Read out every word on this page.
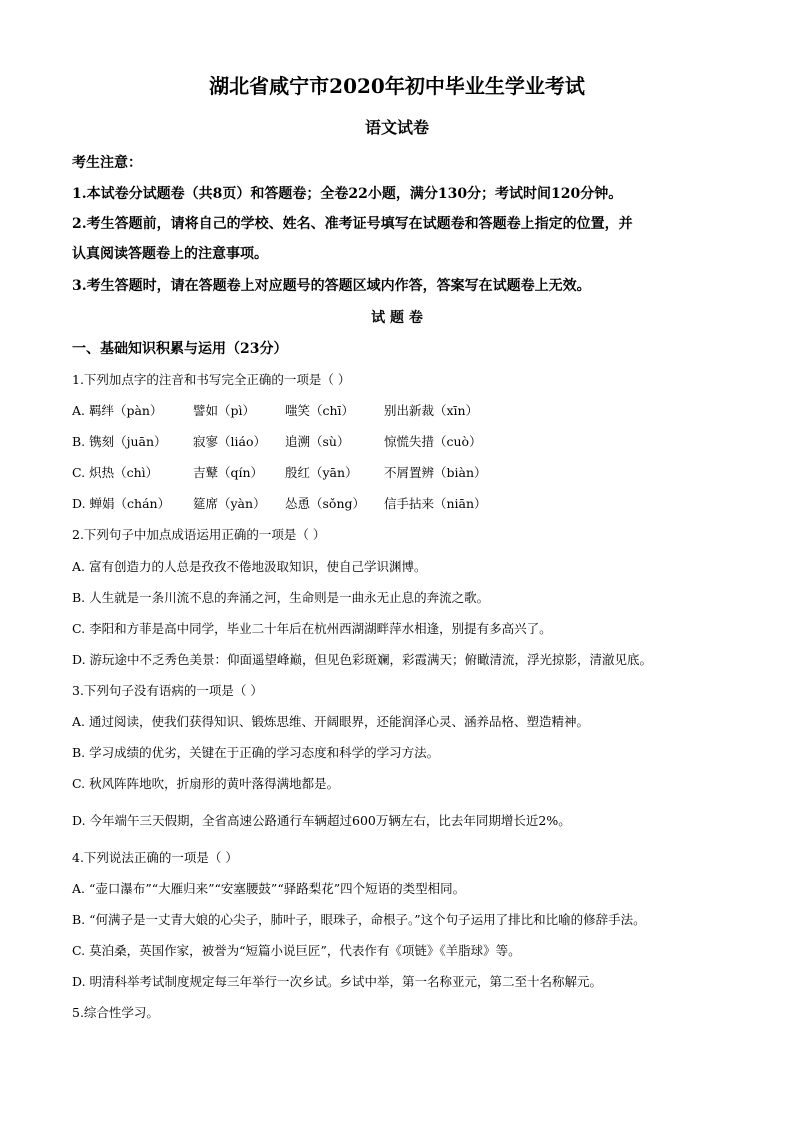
湖北省咸宁市2020年初中毕业生学业考试
语文试卷
考生注意：
1.本试卷分试题卷（共8页）和答题卷；全卷22小题，满分130分；考试时间120分钟。
2.考生答题前，请将自己的学校、姓名、准考证号填写在试题卷和答题卷上指定的位置，并
认真阅读答题卷上的注意事项。
3.考生答题时，请在答题卷上对应题号的答题区域内作答，答案写在试题卷上无效。
试 题 卷
一、基础知识积累与运用（23分）
1.下列加点字的注音和书写完全正确的一项是（ ）
A. 羁绊（pàn） 譬如（pì） 嗤笑（chī） 别出新裁（xīn）
B. 镌刻（juān） 寂寥（liáo） 追溯（sù）	惊慌失措（cuò）
C. 炽热（chì）	吉鼙（qín） 殷红（yān） 不屑置辨（biàn）
D. 蝉娟（chán） 筵席（yàn） 怂恿（sǒng） 信手拈来（niān）
2.下列句子中加点成语运用正确的一项是（ ）
A. 富有创造力的人总是孜孜不倦地汲取知识，使自己学识渊博。
B. 人生就是一条川流不息的奔涌之河，生命则是一曲永无止息的奔流之歌。
C. 李阳和方菲是高中同学，毕业二十年后在杭州西湖湖畔萍水相逢，别提有多高兴了。
D. 游玩途中不乏秀色美景：仰面遥望峰巅，但见色彩斑斓，彩霞满天；俯瞰清流，浮光掠影，清澈见底。
3.下列句子没有语病的一项是（ ）
A. 通过阅读，使我们获得知识、锻炼思维、开阔眼界，还能润泽心灵、涵养品格、塑造精神。
B. 学习成绩的优劣，关键在于正确的学习态度和科学的学习方法。
C. 秋风阵阵地吹，折扇形的黄叶落得满地都是。
D. 今年端午三天假期，全省高速公路通行车辆超过600万辆左右，比去年同期增长近2%。
4.下列说法正确的一项是（ ）
A. “壶口瀑布”“大雁归来”“安塞腰鼓”“驿路梨花”四个短语的类型相同。
B. “何满子是一丈青大娘的心尖子，肺叶子，眼珠子，命根子。”这个句子运用了排比和比喻的修辞手法。
C. 莫泊桑，英国作家，被誉为“短篇小说巨匠”，代表作有《项链》《羊脂球》等。
D. 明清科举考试制度规定每三年举行一次乡试。乡试中举，第一名称亚元，第二至十名称解元。
5.综合性学习。
